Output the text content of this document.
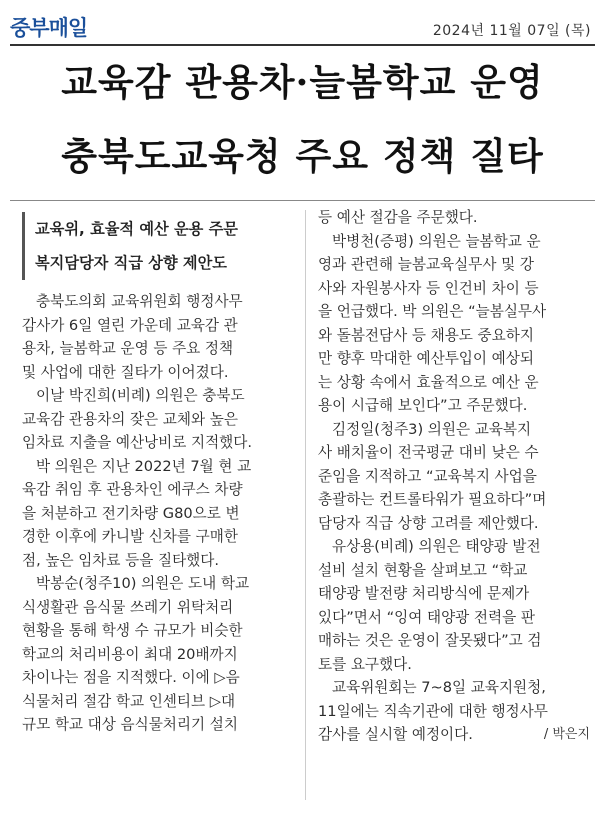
중부매일	2024년 11월 07일 (목)
교육감 관용차·늘봄학교 운영
충북도교육청 주요 정책 질타
교육위, 효율적 예산 운용 주문
복지담당자 직급 상향 제안도
충북도의회 교육위원회 행정사무
감사가 6일 열린 가운데 교육감 관
용차, 늘봄학교 운영 등 주요 정책
및 사업에 대한 질타가 이어졌다.
이날 박진희(비례) 의원은 충북도
교육감 관용차의 잦은 교체와 높은
임차료 지출을 예산낭비로 지적했다.
박 의원은 지난 2022년 7월 현 교
육감 취임 후 관용차인 에쿠스 차량
을 처분하고 전기차량 G80으로 변
경한 이후에 카니발 신차를 구매한
점, 높은 임차료 등을 질타했다.
박봉순(청주10) 의원은 도내 학교
식생활관 음식물 쓰레기 위탁처리
현황을 통해 학생 수 규모가 비슷한
학교의 처리비용이 최대 20배까지
차이나는 점을 지적했다. 이에 ▷음
식물처리 절감 학교 인센티브 ▷대
규모 학교 대상 음식물처리기 설치
등 예산 절감을 주문했다.
박병천(증평) 의원은 늘봄학교 운
영과 관련해 늘봄교육실무사 및 강
사와 자원봉사자 등 인건비 차이 등
을 언급했다. 박 의원은 “늘봄실무사
와 돌봄전담사 등 채용도 중요하지
만 향후 막대한 예산투입이 예상되
는 상황 속에서 효율적으로 예산 운
용이 시급해 보인다”고 주문했다.
김정일(청주3) 의원은 교육복지
사 배치율이 전국평균 대비 낮은 수
준임을 지적하고 “교육복지 사업을
총괄하는 컨트롤타워가 필요하다”며
담당자 직급 상향 고려를 제안했다.
유상용(비례) 의원은 태양광 발전
설비 설치 현황을 살펴보고 “학교
태양광 발전량 처리방식에 문제가
있다”면서 “잉여 태양광 전력을 판
매하는 것은 운영이 잘못됐다”고 검
토를 요구했다.
교육위원회는 7~8일 교육지원청,
11일에는 직속기관에 대한 행정사무
감사를 실시할 예정이다.	/ 박은지
